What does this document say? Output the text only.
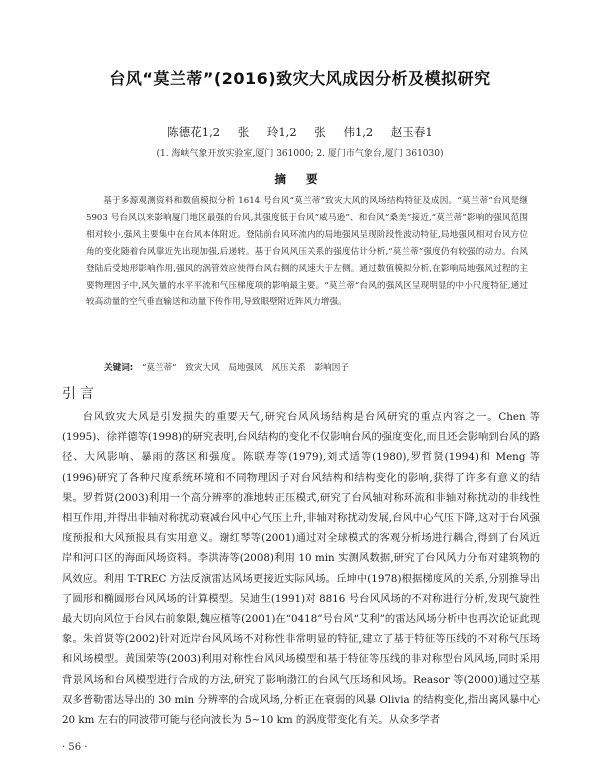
台风“莫兰蒂”(2016)致灾大风成因分析及模拟研究
陈德花1,2 张 玲1,2 张 伟1,2 赵玉春1
(1. 海峡气象开放实验室,厦门 361000; 2. 厦门市气象台,厦门 361030)
摘 要
基于多源观测资料和数值模拟分析 1614 号台风“莫兰蒂”致灾大风的风场结构特征及成因。“莫兰蒂”台风是继 5903 号台风以来影响厦门地区最强的台风,其强度低于台风“威马逊”、和台风“桑美”接近,“莫兰蒂”影响的强风范围相对较小,强风主要集中在台风本体附近。登陆前台风环流内的局地强风呈现阶段性波动特征,局地强风相对台风方位角的变化随着台风靠近先出现加强,后递转。基于台风风压关系的强度估计分析,“莫兰蒂”强度仍有较强的动力。台风登陆后受地形影响作用,强风的涡管效应使得台风右侧的风速大于左侧。通过数值模拟分析,在影响局地强风过程的主要物理因子中,风矢量的水平平流和气压梯度项的影响最主要。“莫兰蒂”台风的强风区呈现明显的中小尺度特征,通过较高动量的空气垂直输送和动量下传作用,导致眼壁附近阵风力增强。
关键词: “莫兰蒂” 致灾大风 局地强风 风压关系 影响因子
引言
台风致灾大风是引发损失的重要天气,研究台风风场结构是台风研究的重点内容之一。Chen 等(1995)、徐祥德等(1998)的研究表明,台风结构的变化不仅影响台风的强度变化,而且还会影响到台风的路径、大风影响、暴雨的落区和强度。陈联寿等(1979),刘式适等(1980),罗哲贤(1994)和 Meng 等(1996)研究了各种尺度系统环境和不同物理因子对台风结构和结构变化的影响,获得了许多有意义的结果。罗哲贤(2003)利用一个高分辨率的准地转正压模式,研究了台风轴对称环流和非轴对称扰动的非线性相互作用,并得出非轴对称扰动衰减台风中心气压上升,非轴对称扰动发展,台风中心气压下降,这对于台风强度预报和大风预报具有实用意义。谢红琴等(2001)通过对全球模式的客观分析场进行耦合,得到了台风近岸和河口区的海面风场资料。李洪涛等(2008)利用 10 min 实测风数据,研究了台风风力分布对建筑物的风效应。利用 T-TREC 方法反演雷达风场更接近实际风场。丘坤中(1978)根据梯度风的关系,分别推导出了圆形和椭圆形台风风场的计算模型。吴迪生(1991)对 8816 号台风风场的不对称进行分析,发现气旋性最大切向风位于台风右前象限,魏应植等(2001)在“0418”号台风“艾利”的雷达风场分析中也再次论证此现象。朱首贤等(2002)针对近岸台风风场不对称性非常明显的特征,建立了基于特征等压线的不对称气压场和风场模型。黄国荣等(2003)利用对称性台风风场模型和基于特征等压线的非对称型台风风场,同时采用背景风场和台风模型进行合成的方法,研究了影响渤江的台风气压场和风场。Reasor 等(2000)通过空基双多普勒雷达导出的 30 min 分辨率的合成风场,分析正在衰弱的风暴 Olivia 的结构变化,指出离风暴中心 20 km 左右的同波带可能与径向波长为 5~10 km 的涡度带变化有关。从众多学者
· 56 ·
